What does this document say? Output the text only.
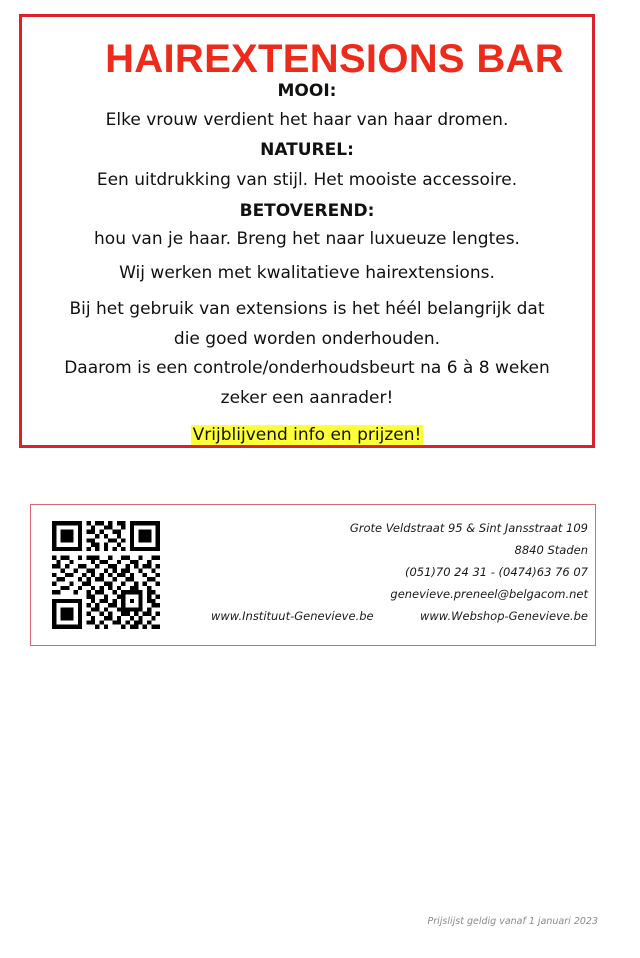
HAIREXTENSIONS BAR
MOOI:
Elke vrouw verdient het haar van haar dromen.
NATUREL:
Een uitdrukking van stijl. Het mooiste accessoire.
BETOVEREND:
hou van je haar. Breng het naar luxueuze lengtes.
Wij werken met kwalitatieve hairextensions.
Bij het gebruik van extensions is het héél belangrijk dat
die goed worden onderhouden.
Daarom is een controle/onderhoudsbeurt na 6 à 8 weken
zeker een aanrader!
Vrijblijvend info en prijzen!
Grote Veldstraat 95 & Sint Jansstraat 109
8840 Staden
(051)70 24 31 - (0474)63 76 07
genevieve.preneel@belgacom.net
www.Instituut-Genevieve.be	www.Webshop-Genevieve.be
Prijslijst geldig vanaf 1 januari 2023
